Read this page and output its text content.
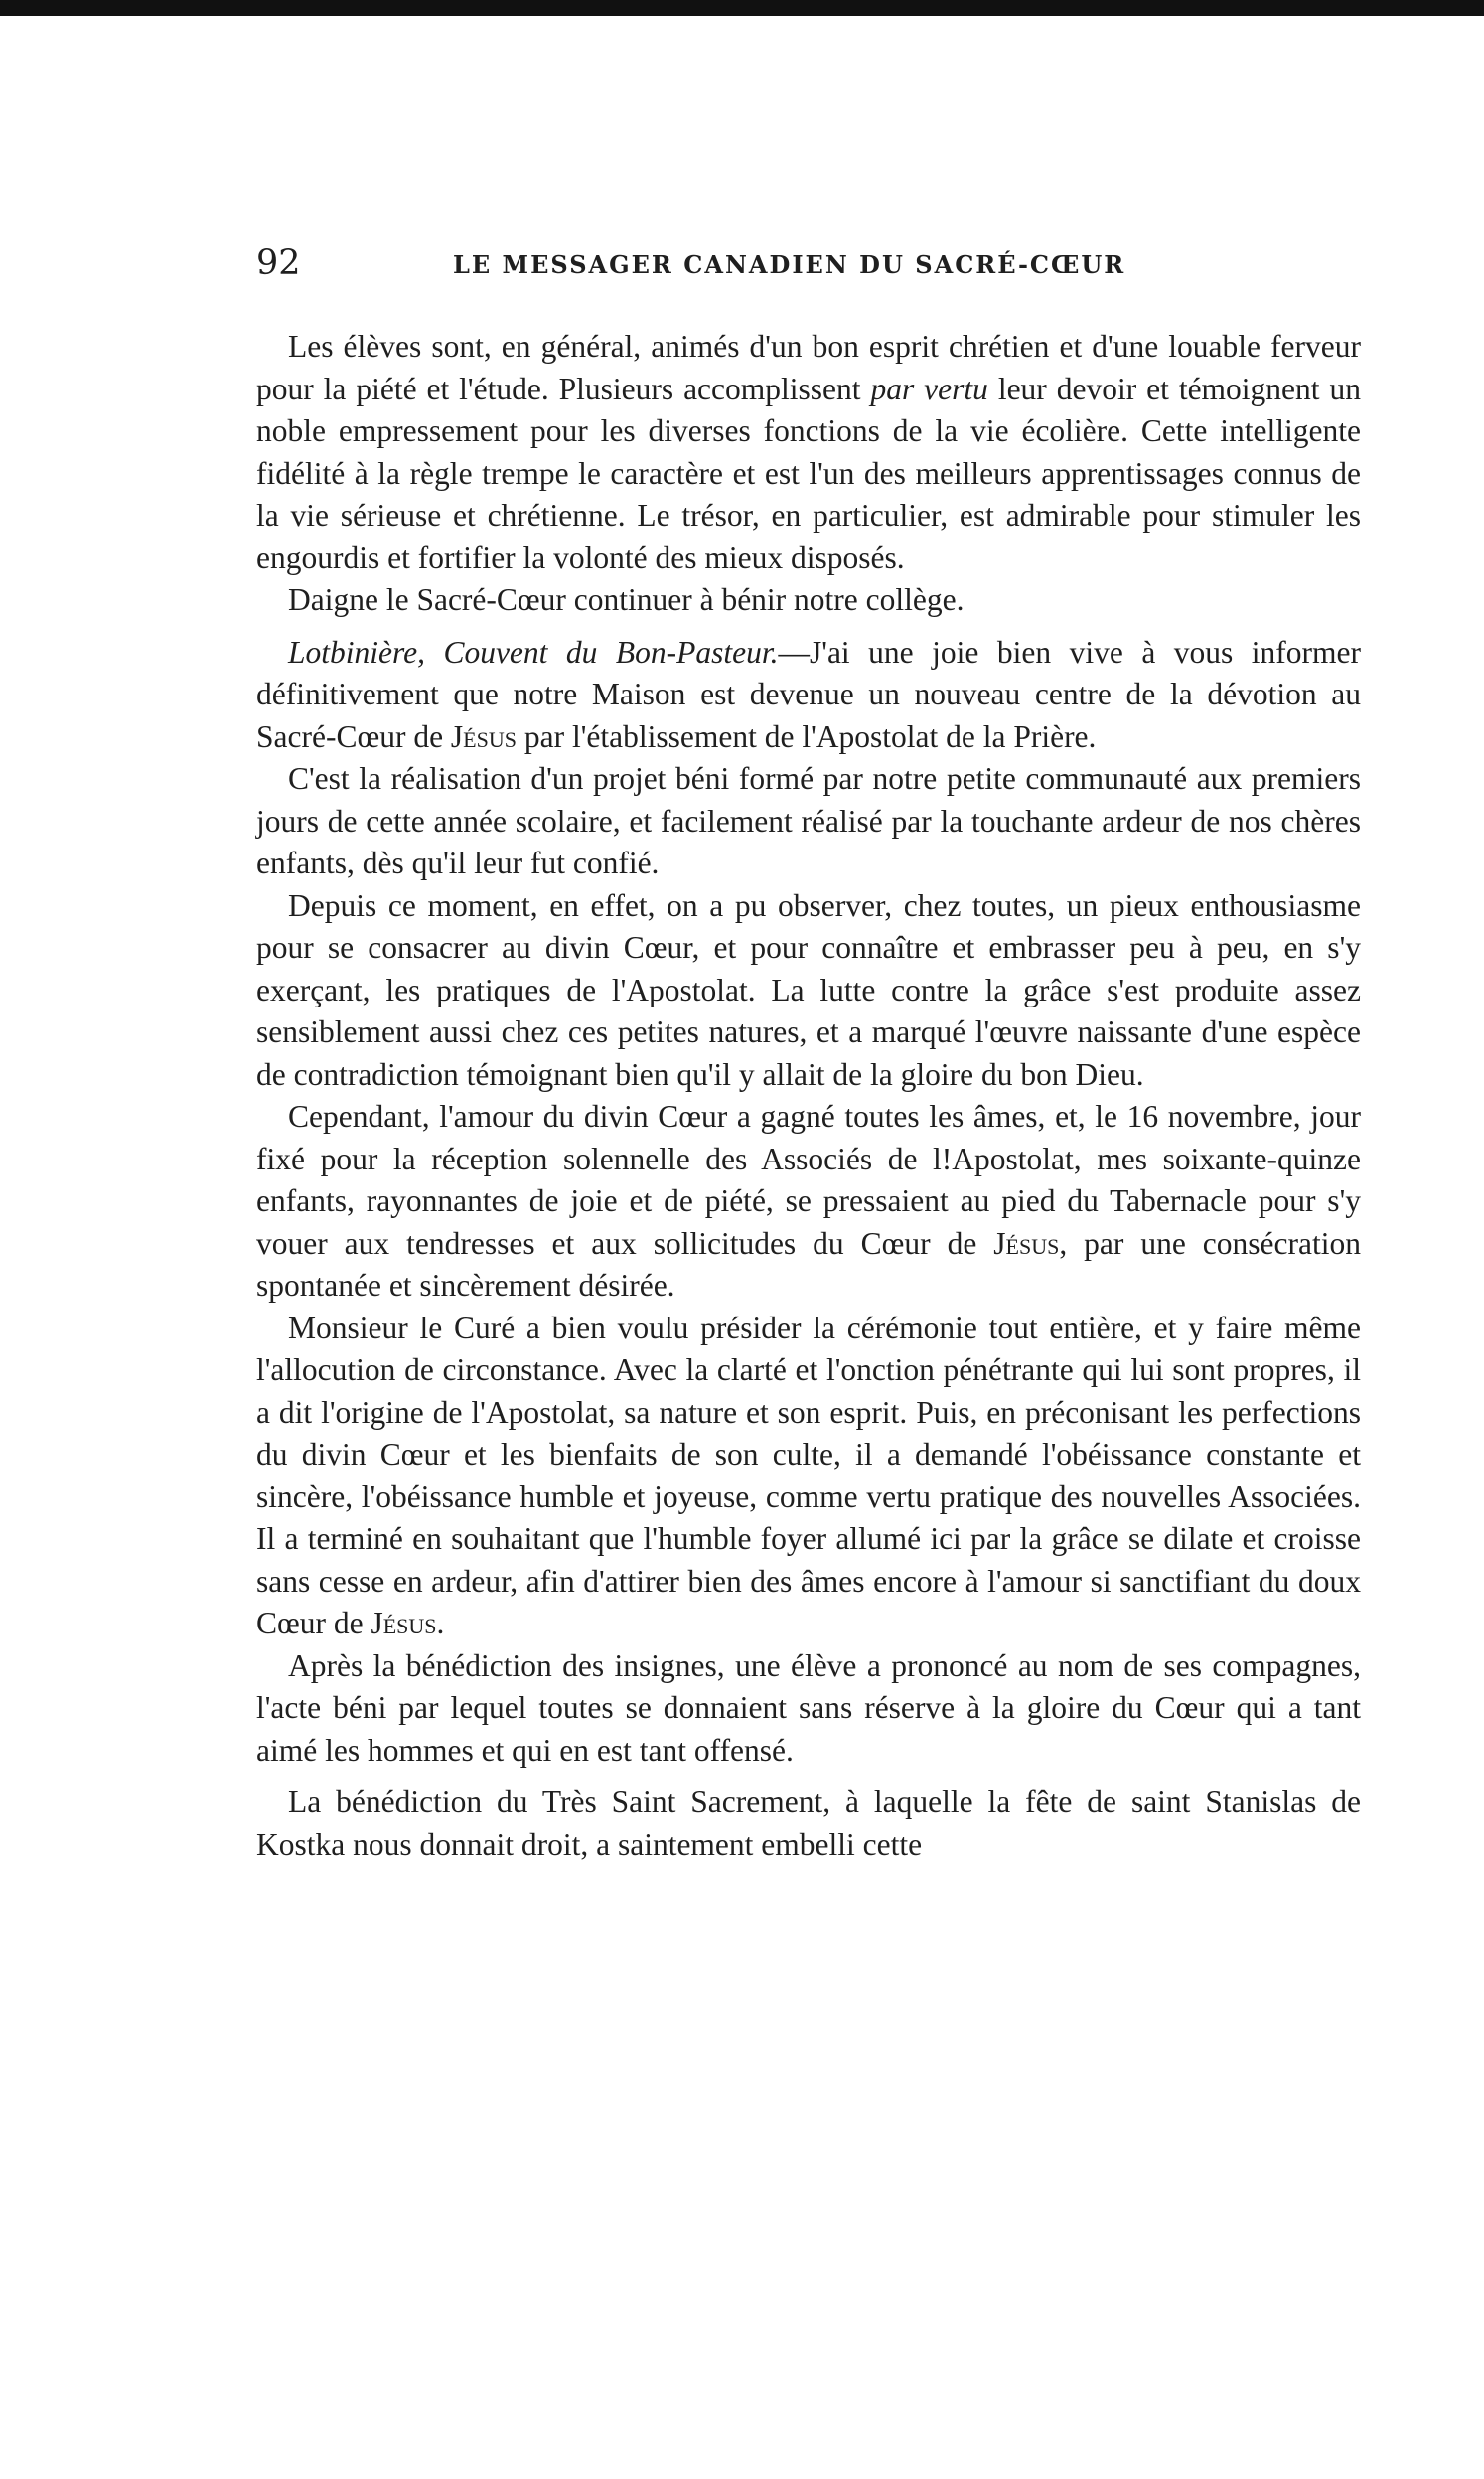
92	LE MESSAGER CANADIEN DU SACRÉ-CŒUR

Les élèves sont, en général, animés d'un bon esprit chrétien et d'une louable ferveur pour la piété et l'étude. Plusieurs accomplissent par vertu leur devoir et témoignent un noble empressement pour les diverses fonctions de la vie écolière. Cette intelligente fidélité à la règle trempe le caractère et est l'un des meilleurs apprentissages connus de la vie sérieuse et chrétienne. Le trésor, en particulier, est admirable pour stimuler les engourdis et fortifier la volonté des mieux disposés.

Daigne le Sacré-Cœur continuer à bénir notre collège.

Lotbinière, Couvent du Bon-Pasteur.—J'ai une joie bien vive à vous informer définitivement que notre Maison est devenue un nouveau centre de la dévotion au Sacré-Cœur de Jésus par l'établissement de l'Apostolat de la Prière.

C'est la réalisation d'un projet béni formé par notre petite communauté aux premiers jours de cette année scolaire, et facilement réalisé par la touchante ardeur de nos chères enfants, dès qu'il leur fut confié.

Depuis ce moment, en effet, on a pu observer, chez toutes, un pieux enthousiasme pour se consacrer au divin Cœur, et pour connaître et embrasser peu à peu, en s'y exerçant, les pratiques de l'Apostolat. La lutte contre la grâce s'est produite assez sensiblement aussi chez ces petites natures, et a marqué l'œuvre naissante d'une espèce de contradiction témoignant bien qu'il y allait de la gloire du bon Dieu.

Cependant, l'amour du divin Cœur a gagné toutes les âmes, et, le 16 novembre, jour fixé pour la réception solennelle des Associés de l!Apostolat, mes soixante-quinze enfants, rayonnantes de joie et de piété, se pressaient au pied du Tabernacle pour s'y vouer aux tendresses et aux sollicitudes du Cœur de Jésus, par une consécration spontanée et sincèrement désirée.

Monsieur le Curé a bien voulu présider la cérémonie tout entière, et y faire même l'allocution de circonstance. Avec la clarté et l'onction pénétrante qui lui sont propres, il a dit l'origine de l'Apostolat, sa nature et son esprit. Puis, en préconisant les perfections du divin Cœur et les bienfaits de son culte, il a demandé l'obéissance constante et sincère, l'obéissance humble et joyeuse, comme vertu pratique des nouvelles Associées. Il a terminé en souhaitant que l'humble foyer allumé ici par la grâce se dilate et croisse sans cesse en ardeur, afin d'attirer bien des âmes encore à l'amour si sanctifiant du doux Cœur de Jésus.

Après la bénédiction des insignes, une élève a prononcé au nom de ses compagnes, l'acte béni par lequel toutes se donnaient sans réserve à la gloire du Cœur qui a tant aimé les hommes et qui en est tant offensé.

La bénédiction du Très Saint Sacrement, à laquelle la fête de saint Stanislas de Kostka nous donnait droit, a saintement embelli cette
